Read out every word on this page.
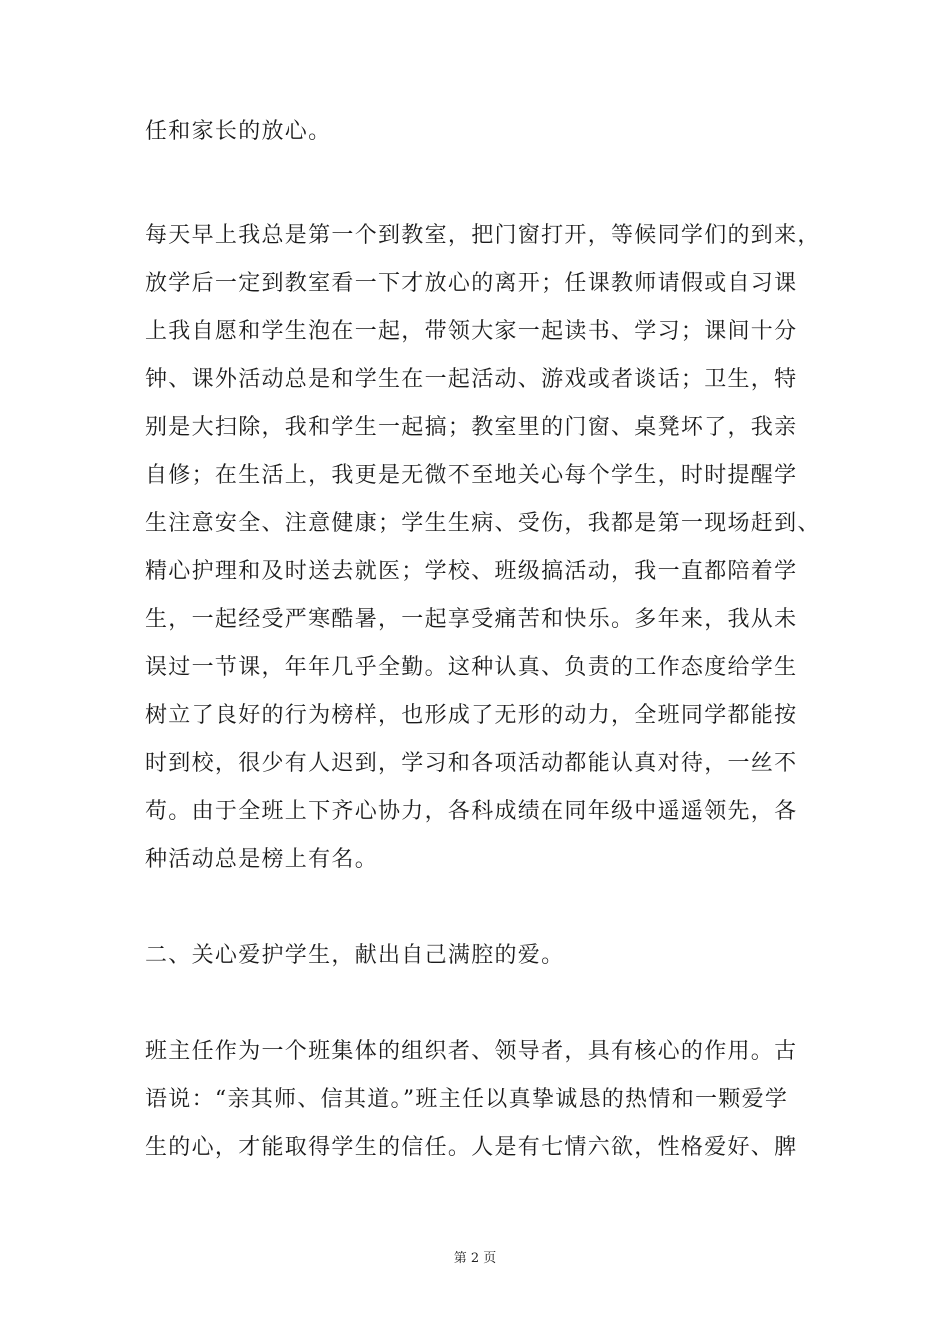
任和家长的放心。
每天早上我总是第一个到教室，把门窗打开，等候同学们的到来，
放学后一定到教室看一下才放心的离开；任课教师请假或自习课
上我自愿和学生泡在一起，带领大家一起读书、学习；课间十分
钟、课外活动总是和学生在一起活动、游戏或者谈话；卫生，特
别是大扫除，我和学生一起搞；教室里的门窗、桌凳坏了，我亲
自修；在生活上，我更是无微不至地关心每个学生，时时提醒学
生注意安全、注意健康；学生生病、受伤，我都是第一现场赶到、
精心护理和及时送去就医；学校、班级搞活动，我一直都陪着学
生，一起经受严寒酷暑，一起享受痛苦和快乐。多年来，我从未
误过一节课，年年几乎全勤。这种认真、负责的工作态度给学生
树立了良好的行为榜样，也形成了无形的动力，全班同学都能按
时到校，很少有人迟到，学习和各项活动都能认真对待，一丝不
苟。由于全班上下齐心协力，各科成绩在同年级中遥遥领先，各
种活动总是榜上有名。
二、关心爱护学生，献出自己满腔的爱。
班主任作为一个班集体的组织者、领导者，具有核心的作用。古
语说：“亲其师、信其道。”班主任以真挚诚恳的热情和一颗爱学
生的心，才能取得学生的信任。人是有七情六欲，性格爱好、脾
第 2 页
